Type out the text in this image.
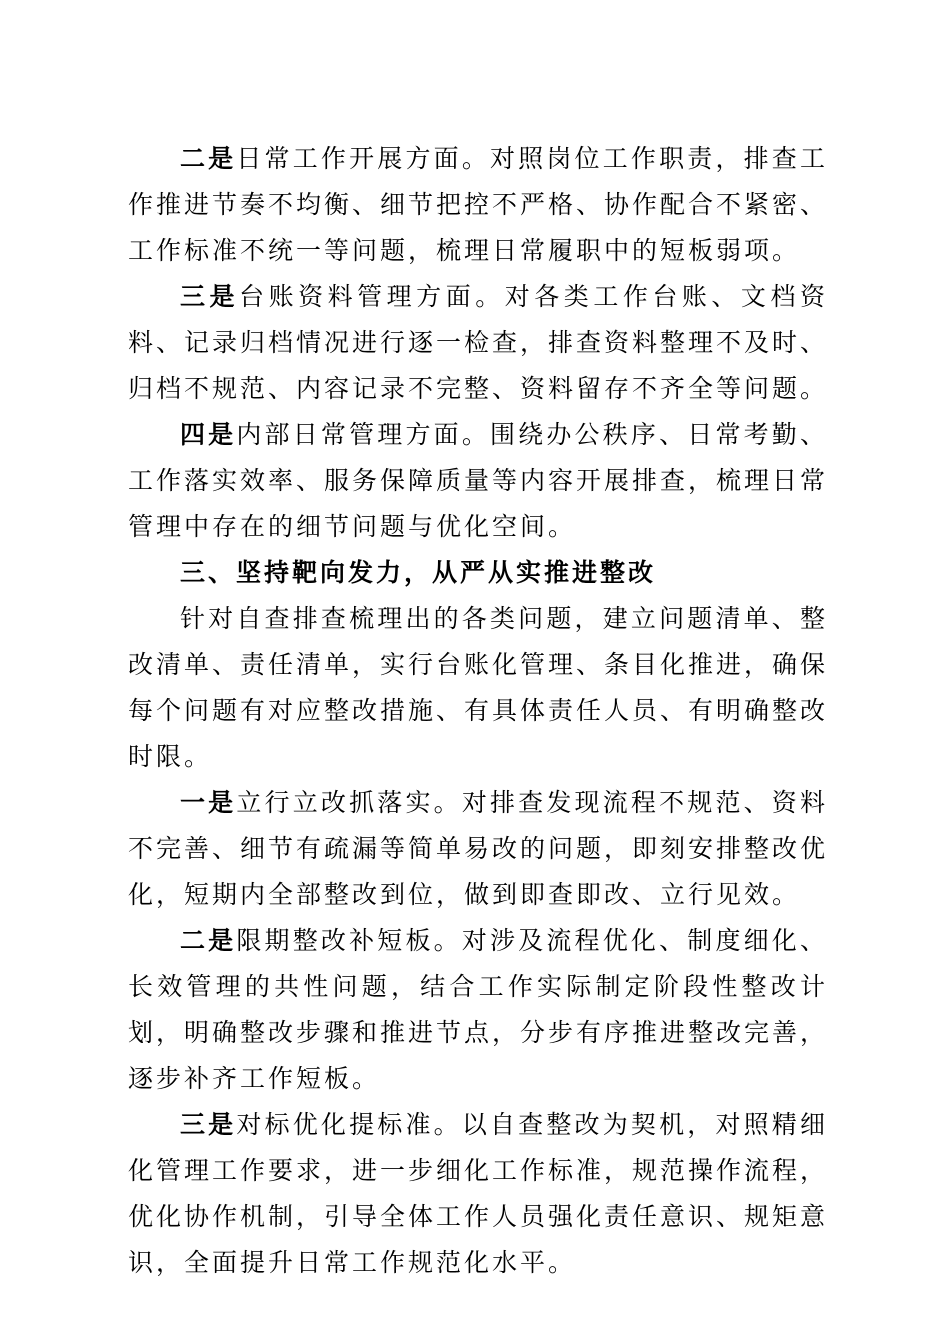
二是日常工作开展方面。对照岗位工作职责，排查工作推进节奏不均衡、细节把控不严格、协作配合不紧密、工作标准不统一等问题，梳理日常履职中的短板弱项。

三是台账资料管理方面。对各类工作台账、文档资料、记录归档情况进行逐一检查，排查资料整理不及时、归档不规范、内容记录不完整、资料留存不齐全等问题。

四是内部日常管理方面。围绕办公秩序、日常考勤、工作落实效率、服务保障质量等内容开展排查，梳理日常管理中存在的细节问题与优化空间。

三、坚持靶向发力，从严从实推进整改

针对自查排查梳理出的各类问题，建立问题清单、整改清单、责任清单，实行台账化管理、条目化推进，确保每个问题有对应整改措施、有具体责任人员、有明确整改时限。

一是立行立改抓落实。对排查发现流程不规范、资料不完善、细节有疏漏等简单易改的问题，即刻安排整改优化，短期内全部整改到位，做到即查即改、立行见效。

二是限期整改补短板。对涉及流程优化、制度细化、长效管理的共性问题，结合工作实际制定阶段性整改计划，明确整改步骤和推进节点，分步有序推进整改完善，逐步补齐工作短板。

三是对标优化提标准。以自查整改为契机，对照精细化管理工作要求，进一步细化工作标准，规范操作流程，优化协作机制，引导全体工作人员强化责任意识、规矩意识，全面提升日常工作规范化水平。
